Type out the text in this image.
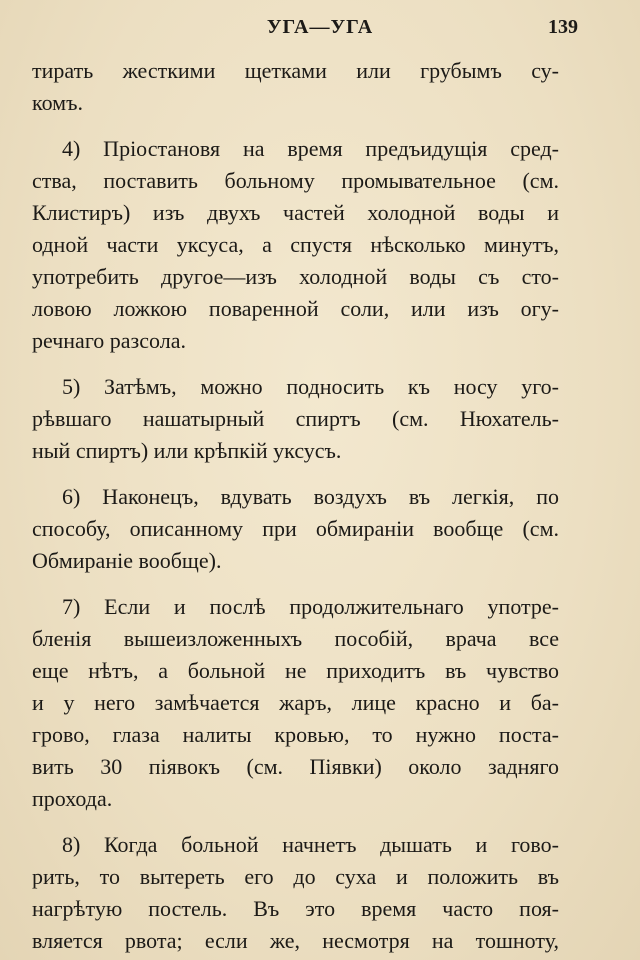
УГА—УГА	139
тирать жесткими щетками или грубымъ су-
комъ.
4) Пріостановя на время предъидущія сред-
ства, поставить больному промывательное (см.
Клистиръ) изъ двухъ частей холодной воды и
одной части уксуса, а спустя нѣсколько минутъ,
употребить другое—изъ холодной воды съ сто-
ловою ложкою поваренной соли, или изъ огу-
речнаго разсола.
5) Затѣмъ, можно подносить къ носу уго-
рѣвшаго нашатырный спиртъ (см. Нюхатель-
ный спиртъ) или крѣпкій уксусъ.
6) Наконецъ, вдувать воздухъ въ легкія, по
способу, описанному при обмираніи вообще (см.
Обмираніе вообще).
7) Если и послѣ продолжительнаго употре-
бленія вышеизложенныхъ пособій, врача все
еще нѣтъ, а больной не приходитъ въ чувство
и у него замѣчается жаръ, лице красно и ба-
грово, глаза налиты кровью, то нужно поста-
вить 30 піявокъ (см. Піявки) около задняго
прохода.
8) Когда больной начнетъ дышать и гово-
рить, то вытереть его до суха и положить въ
нагрѣтую постель. Въ это время часто поя-
вляется рвота; если же, несмотря на тошноту,
